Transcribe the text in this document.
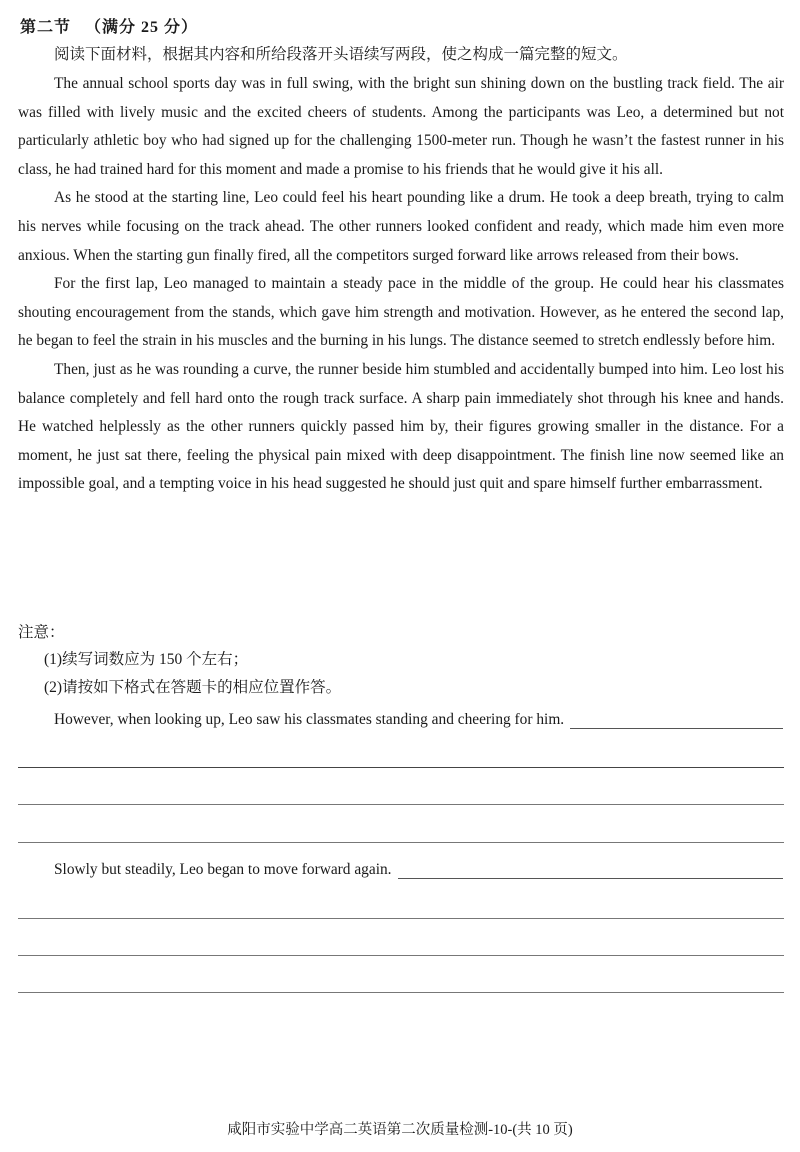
第二节 （满分 25 分）
阅读下面材料，根据其内容和所给段落开头语续写两段，使之构成一篇完整的短文。

The annual school sports day was in full swing, with the bright sun shining down on the bustling track field. The air was filled with lively music and the excited cheers of students. Among the participants was Leo, a determined but not particularly athletic boy who had signed up for the challenging 1500-meter run. Though he wasn’t the fastest runner in his class, he had trained hard for this moment and made a promise to his friends that he would give it his all.

As he stood at the starting line, Leo could feel his heart pounding like a drum. He took a deep breath, trying to calm his nerves while focusing on the track ahead. The other runners looked confident and ready, which made him even more anxious. When the starting gun finally fired, all the competitors surged forward like arrows released from their bows.

For the first lap, Leo managed to maintain a steady pace in the middle of the group. He could hear his classmates shouting encouragement from the stands, which gave him strength and motivation. However, as he entered the second lap, he began to feel the strain in his muscles and the burning in his lungs. The distance seemed to stretch endlessly before him.

Then, just as he was rounding a curve, the runner beside him stumbled and accidentally bumped into him. Leo lost his balance completely and fell hard onto the rough track surface. A sharp pain immediately shot through his knee and hands. He watched helplessly as the other runners quickly passed him by, their figures growing smaller in the distance. For a moment, he just sat there, feeling the physical pain mixed with deep disappointment. The finish line now seemed like an impossible goal, and a tempting voice in his head suggested he should just quit and spare himself further embarrassment.

注意：
(1)续写词数应为 150 个左右；
(2)请按如下格式在答题卡的相应位置作答。
However, when looking up, Leo saw his classmates standing and cheering for him.
Slowly but steadily, Leo began to move forward again.
咸阳市实验中学高二英语第二次质量检测-10-(共 10 页)
